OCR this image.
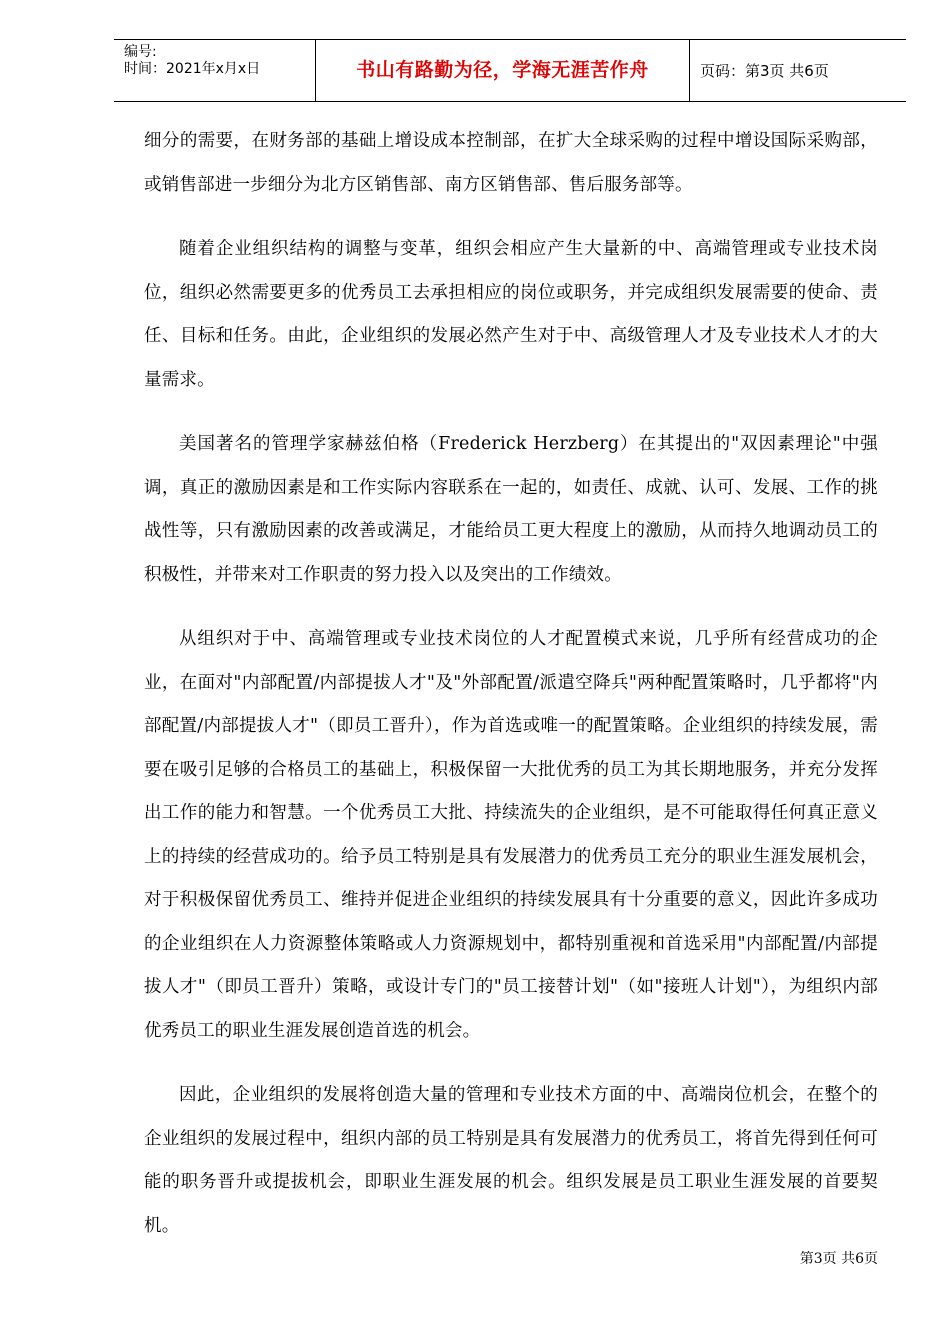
编号:
时间：2021年x月x日	书山有路勤为径，学海无涯苦作舟	页码：第3页 共6页

细分的需要，在财务部的基础上增设成本控制部，在扩大全球采购的过程中增设国际采购部，或销售部进一步细分为北方区销售部、南方区销售部、售后服务部等。

随着企业组织结构的调整与变革，组织会相应产生大量新的中、高端管理或专业技术岗位，组织必然需要更多的优秀员工去承担相应的岗位或职务，并完成组织发展需要的使命、责任、目标和任务。由此，企业组织的发展必然产生对于中、高级管理人才及专业技术人才的大量需求。

美国著名的管理学家赫兹伯格（Frederick Herzberg）在其提出的"双因素理论"中强调，真正的激励因素是和工作实际内容联系在一起的，如责任、成就、认可、发展、工作的挑战性等，只有激励因素的改善或满足，才能给员工更大程度上的激励，从而持久地调动员工的积极性，并带来对工作职责的努力投入以及突出的工作绩效。

从组织对于中、高端管理或专业技术岗位的人才配置模式来说，几乎所有经营成功的企业，在面对"内部配置/内部提拔人才"及"外部配置/派遣空降兵"两种配置策略时，几乎都将"内部配置/内部提拔人才"（即员工晋升），作为首选或唯一的配置策略。企业组织的持续发展，需要在吸引足够的合格员工的基础上，积极保留一大批优秀的员工为其长期地服务，并充分发挥出工作的能力和智慧。一个优秀员工大批、持续流失的企业组织，是不可能取得任何真正意义上的持续的经营成功的。给予员工特别是具有发展潜力的优秀员工充分的职业生涯发展机会，对于积极保留优秀员工、维持并促进企业组织的持续发展具有十分重要的意义，因此许多成功的企业组织在人力资源整体策略或人力资源规划中，都特别重视和首选采用"内部配置/内部提拔人才"（即员工晋升）策略，或设计专门的"员工接替计划"（如"接班人计划"），为组织内部优秀员工的职业生涯发展创造首选的机会。

因此，企业组织的发展将创造大量的管理和专业技术方面的中、高端岗位机会，在整个的企业组织的发展过程中，组织内部的员工特别是具有发展潜力的优秀员工，将首先得到任何可能的职务晋升或提拔机会，即职业生涯发展的机会。组织发展是员工职业生涯发展的首要契机。

第3页 共6页
